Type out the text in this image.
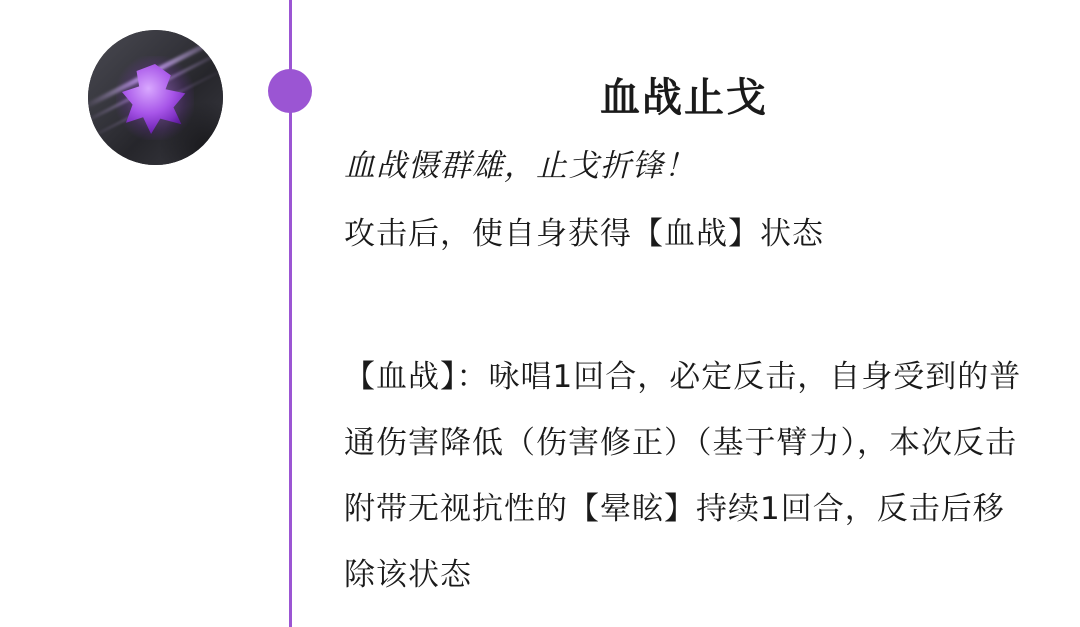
血战止戈
血战慑群雄，止戈折锋！
攻击后，使自身获得【血战】状态
【血战】：咏唱1回合，必定反击，自身受到的普通伤害降低（伤害修正）（基于臂力），本次反击附带无视抗性的【晕眩】持续1回合，反击后移除该状态
